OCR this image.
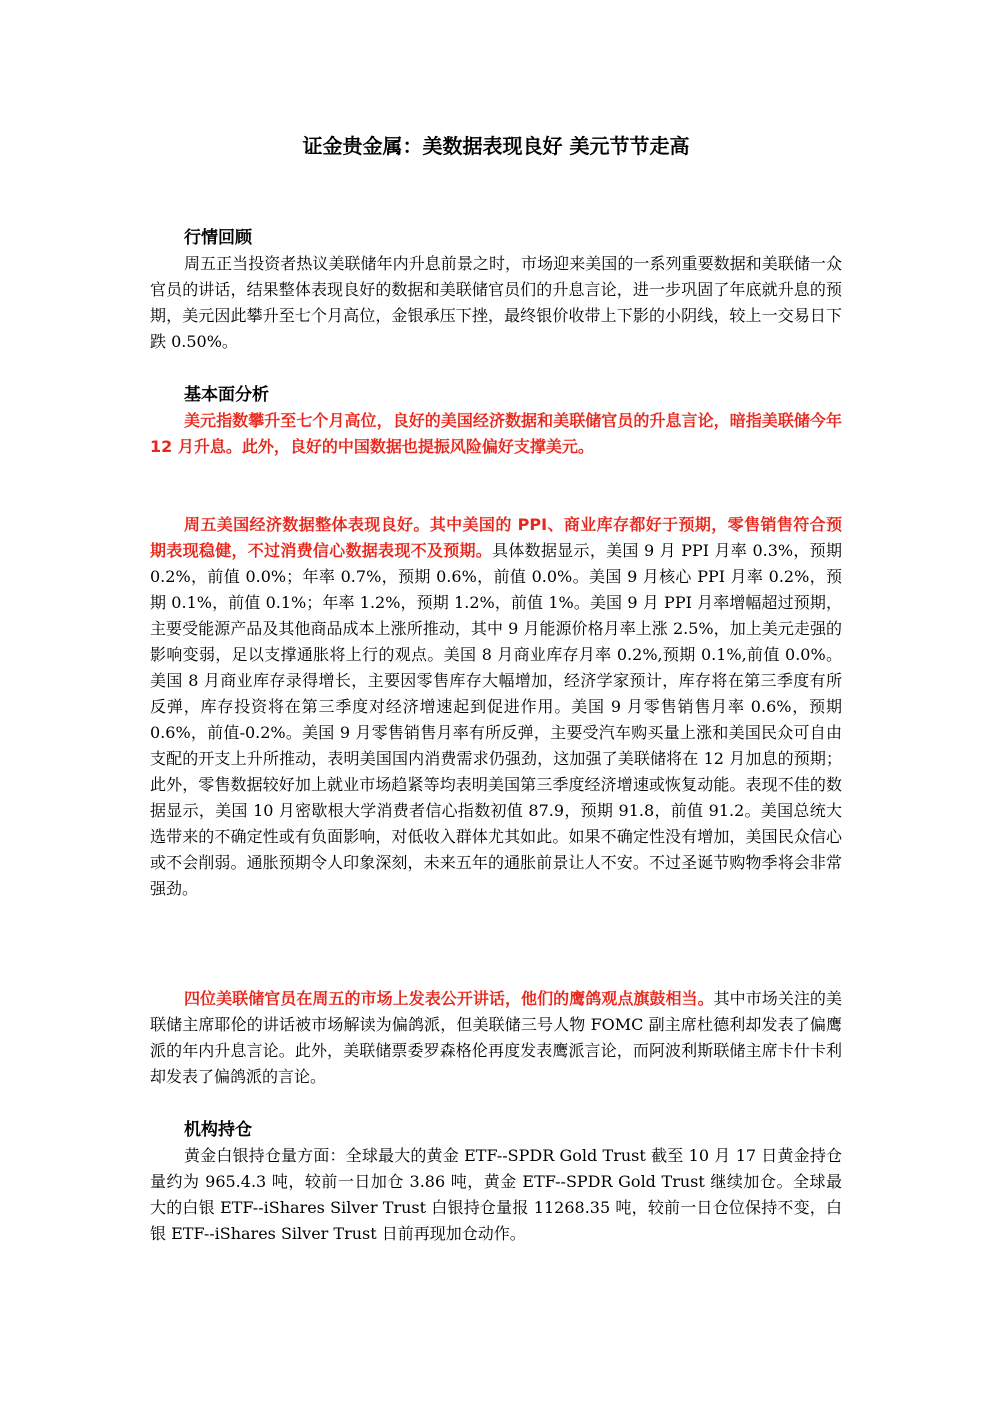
证金贵金属：美数据表现良好 美元节节走高
行情回顾

周五正当投资者热议美联储年内升息前景之时，市场迎来美国的一系列重要数据和美联储一众官员的讲话，结果整体表现良好的数据和美联储官员们的升息言论，进一步巩固了年底就升息的预期，美元因此攀升至七个月高位，金银承压下挫，最终银价收带上下影的小阴线，较上一交易日下跌 0.50%。

基本面分析

美元指数攀升至七个月高位，良好的美国经济数据和美联储官员的升息言论，暗指美联储今年 12 月升息。此外，良好的中国数据也提振风险偏好支撑美元。

周五美国经济数据整体表现良好。其中美国的 PPI、商业库存都好于预期，零售销售符合预期表现稳健，不过消费信心数据表现不及预期。具体数据显示，美国 9 月 PPI 月率 0.3%，预期 0.2%，前值 0.0%；年率 0.7%，预期 0.6%，前值 0.0%。美国 9 月核心 PPI 月率 0.2%，预期 0.1%，前值 0.1%；年率 1.2%，预期 1.2%，前值 1%。美国 9 月 PPI 月率增幅超过预期，主要受能源产品及其他商品成本上涨所推动，其中 9 月能源价格月率上涨 2.5%，加上美元走强的影响变弱，足以支撑通胀将上行的观点。美国 8 月商业库存月率 0.2%,预期 0.1%,前值 0.0%。美国 8 月商业库存录得增长，主要因零售库存大幅增加，经济学家预计，库存将在第三季度有所反弹，库存投资将在第三季度对经济增速起到促进作用。美国 9 月零售销售月率 0.6%，预期 0.6%，前值-0.2%。美国 9 月零售销售月率有所反弹，主要受汽车购买量上涨和美国民众可自由支配的开支上升所推动，表明美国国内消费需求仍强劲，这加强了美联储将在 12 月加息的预期；此外，零售数据较好加上就业市场趋紧等均表明美国第三季度经济增速或恢复动能。表现不佳的数据显示，美国 10 月密歇根大学消费者信心指数初值 87.9，预期 91.8，前值 91.2。美国总统大选带来的不确定性或有负面影响，对低收入群体尤其如此。如果不确定性没有增加，美国民众信心或不会削弱。通胀预期令人印象深刻，未来五年的通胀前景让人不安。不过圣诞节购物季将会非常强劲。

四位美联储官员在周五的市场上发表公开讲话，他们的鹰鸽观点旗鼓相当。其中市场关注的美联储主席耶伦的讲话被市场解读为偏鸽派，但美联储三号人物 FOMC 副主席杜德利却发表了偏鹰派的年内升息言论。此外，美联储票委罗森格伦再度发表鹰派言论，而阿波利斯联储主席卡什卡利却发表了偏鸽派的言论。

机构持仓

黄金白银持仓量方面：全球最大的黄金 ETF--SPDR Gold Trust 截至 10 月 17 日黄金持仓量约为 965.4.3 吨，较前一日加仓 3.86 吨，黄金 ETF--SPDR Gold Trust 继续加仓。全球最大的白银 ETF--iShares Silver Trust 白银持仓量报 11268.35 吨，较前一日仓位保持不变，白银 ETF--iShares Silver Trust 日前再现加仓动作。
